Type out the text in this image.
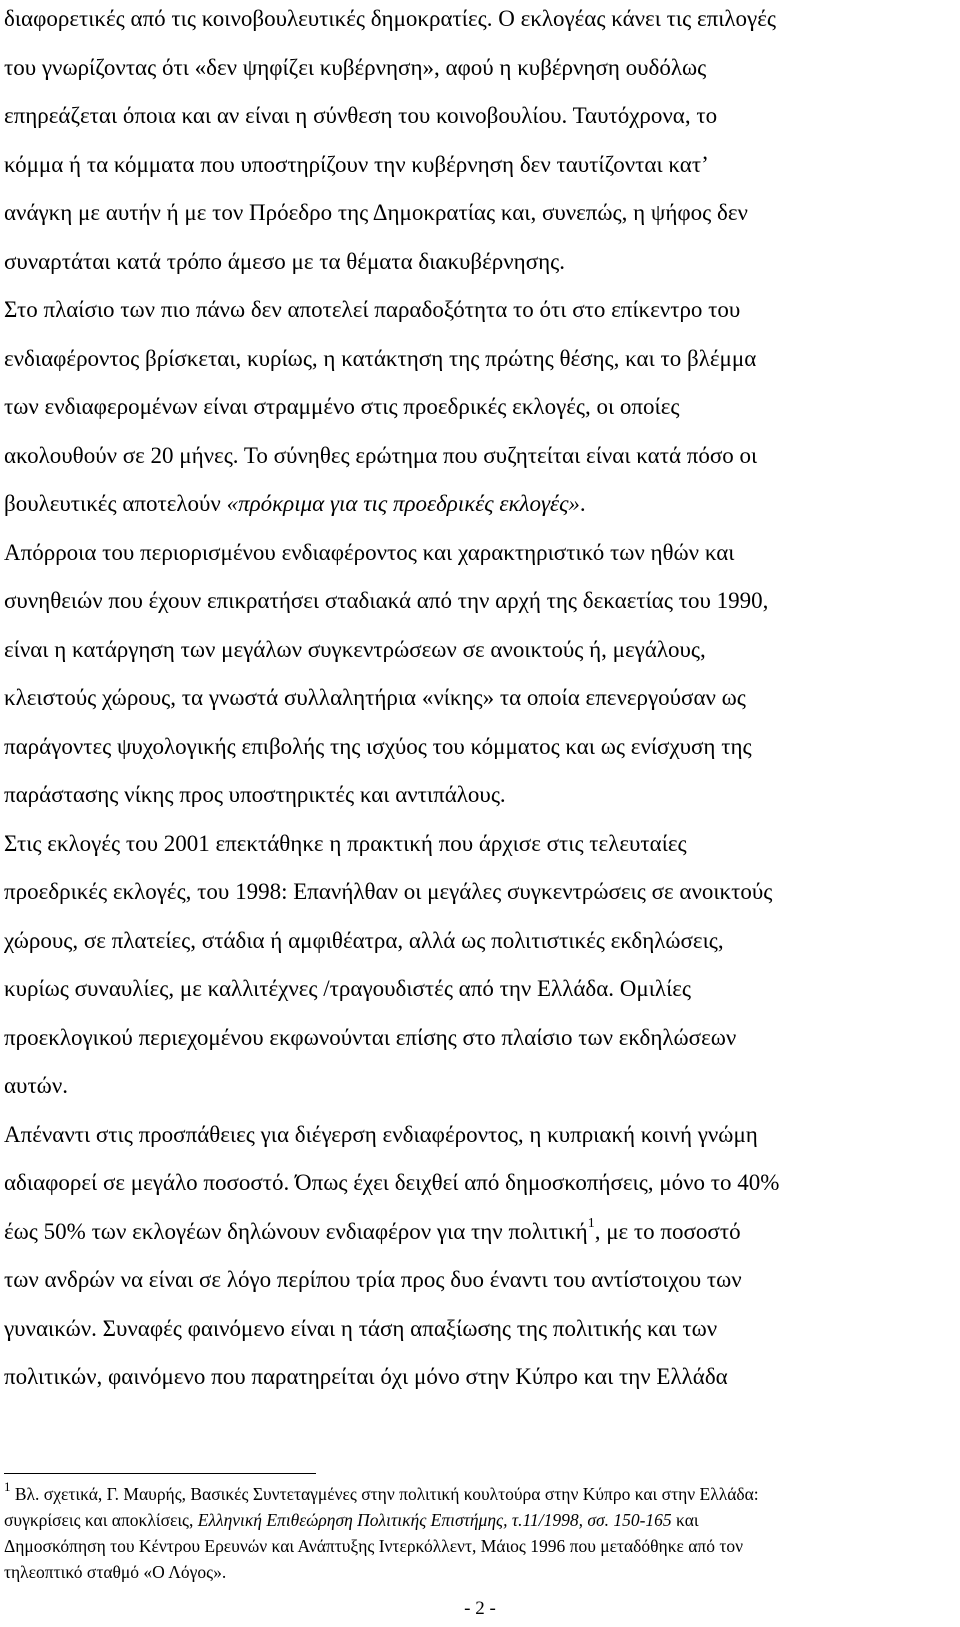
διαφορετικές από τις κοινοβουλευτικές δημοκρατίες. Ο εκλογέας κάνει τις επιλογές
του γνωρίζοντας ότι «δεν ψηφίζει κυβέρνηση», αφού η κυβέρνηση ουδόλως
επηρεάζεται όποια και αν είναι η σύνθεση του κοινοβουλίου. Ταυτόχρονα, το
κόμμα ή τα κόμματα που υποστηρίζουν την κυβέρνηση δεν ταυτίζονται κατ’
ανάγκη με αυτήν ή με τον Πρόεδρο της Δημοκρατίας και, συνεπώς, η ψήφος δεν
συναρτάται κατά τρόπο άμεσο με τα θέματα διακυβέρνησης.
Στο πλαίσιο των πιο πάνω δεν αποτελεί παραδοξότητα το ότι στο επίκεντρο του
ενδιαφέροντος βρίσκεται, κυρίως, η κατάκτηση της πρώτης θέσης, και το βλέμμα
των ενδιαφερομένων είναι στραμμένο στις προεδρικές εκλογές, οι οποίες
ακολουθούν σε 20 μήνες. Το σύνηθες ερώτημα που συζητείται είναι κατά πόσο οι
βουλευτικές αποτελούν «πρόκριμα για τις προεδρικές εκλογές».
Απόρροια του περιορισμένου ενδιαφέροντος και χαρακτηριστικό των ηθών και
συνηθειών που έχουν επικρατήσει σταδιακά από την αρχή της δεκαετίας του 1990,
είναι η κατάργηση των μεγάλων συγκεντρώσεων σε ανοικτούς ή, μεγάλους,
κλειστούς χώρους, τα γνωστά συλλαλητήρια «νίκης» τα οποία επενεργούσαν ως
παράγοντες ψυχολογικής επιβολής της ισχύος του κόμματος και ως ενίσχυση της
παράστασης νίκης προς υποστηρικτές και αντιπάλους.
Στις εκλογές του 2001 επεκτάθηκε η πρακτική που άρχισε στις τελευταίες
προεδρικές εκλογές, του 1998: Επανήλθαν οι μεγάλες συγκεντρώσεις σε ανοικτούς
χώρους, σε πλατείες, στάδια ή αμφιθέατρα, αλλά ως πολιτιστικές εκδηλώσεις,
κυρίως συναυλίες, με καλλιτέχνες /τραγουδιστές από την Ελλάδα. Ομιλίες
προεκλογικού περιεχομένου εκφωνούνται επίσης στο πλαίσιο των εκδηλώσεων
αυτών.
Απέναντι στις προσπάθειες για διέγερση ενδιαφέροντος, η κυπριακή κοινή γνώμη
αδιαφορεί σε μεγάλο ποσοστό. Όπως έχει δειχθεί από δημοσκοπήσεις, μόνο το 40%
έως 50% των εκλογέων δηλώνουν ενδιαφέρον για την πολιτική$^1$, με το ποσοστό
των ανδρών να είναι σε λόγο περίπου τρία προς δυο έναντι του αντίστοιχου των
γυναικών. Συναφές φαινόμενο είναι η τάση απαξίωσης της πολιτικής και των
πολιτικών, φαινόμενο που παρατηρείται όχι μόνο στην Κύπρο και την Ελλάδα
$^1$ Βλ. σχετικά, Γ. Μαυρής, Βασικές Συντεταγμένες στην πολιτική κουλτούρα στην Κύπρο και στην Ελλάδα:
συγκρίσεις και αποκλίσεις, Ελληνική Επιθεώρηση Πολιτικής Επιστήμης, τ.11/1998, σσ. 150-165 και
Δημοσκόπηση του Κέντρου Ερευνών και Ανάπτυξης Ιντερκόλλεντ, Μάιος 1996 που μεταδόθηκε από τον
τηλεοπτικό σταθμό «Ο Λόγος».
- 2 -
